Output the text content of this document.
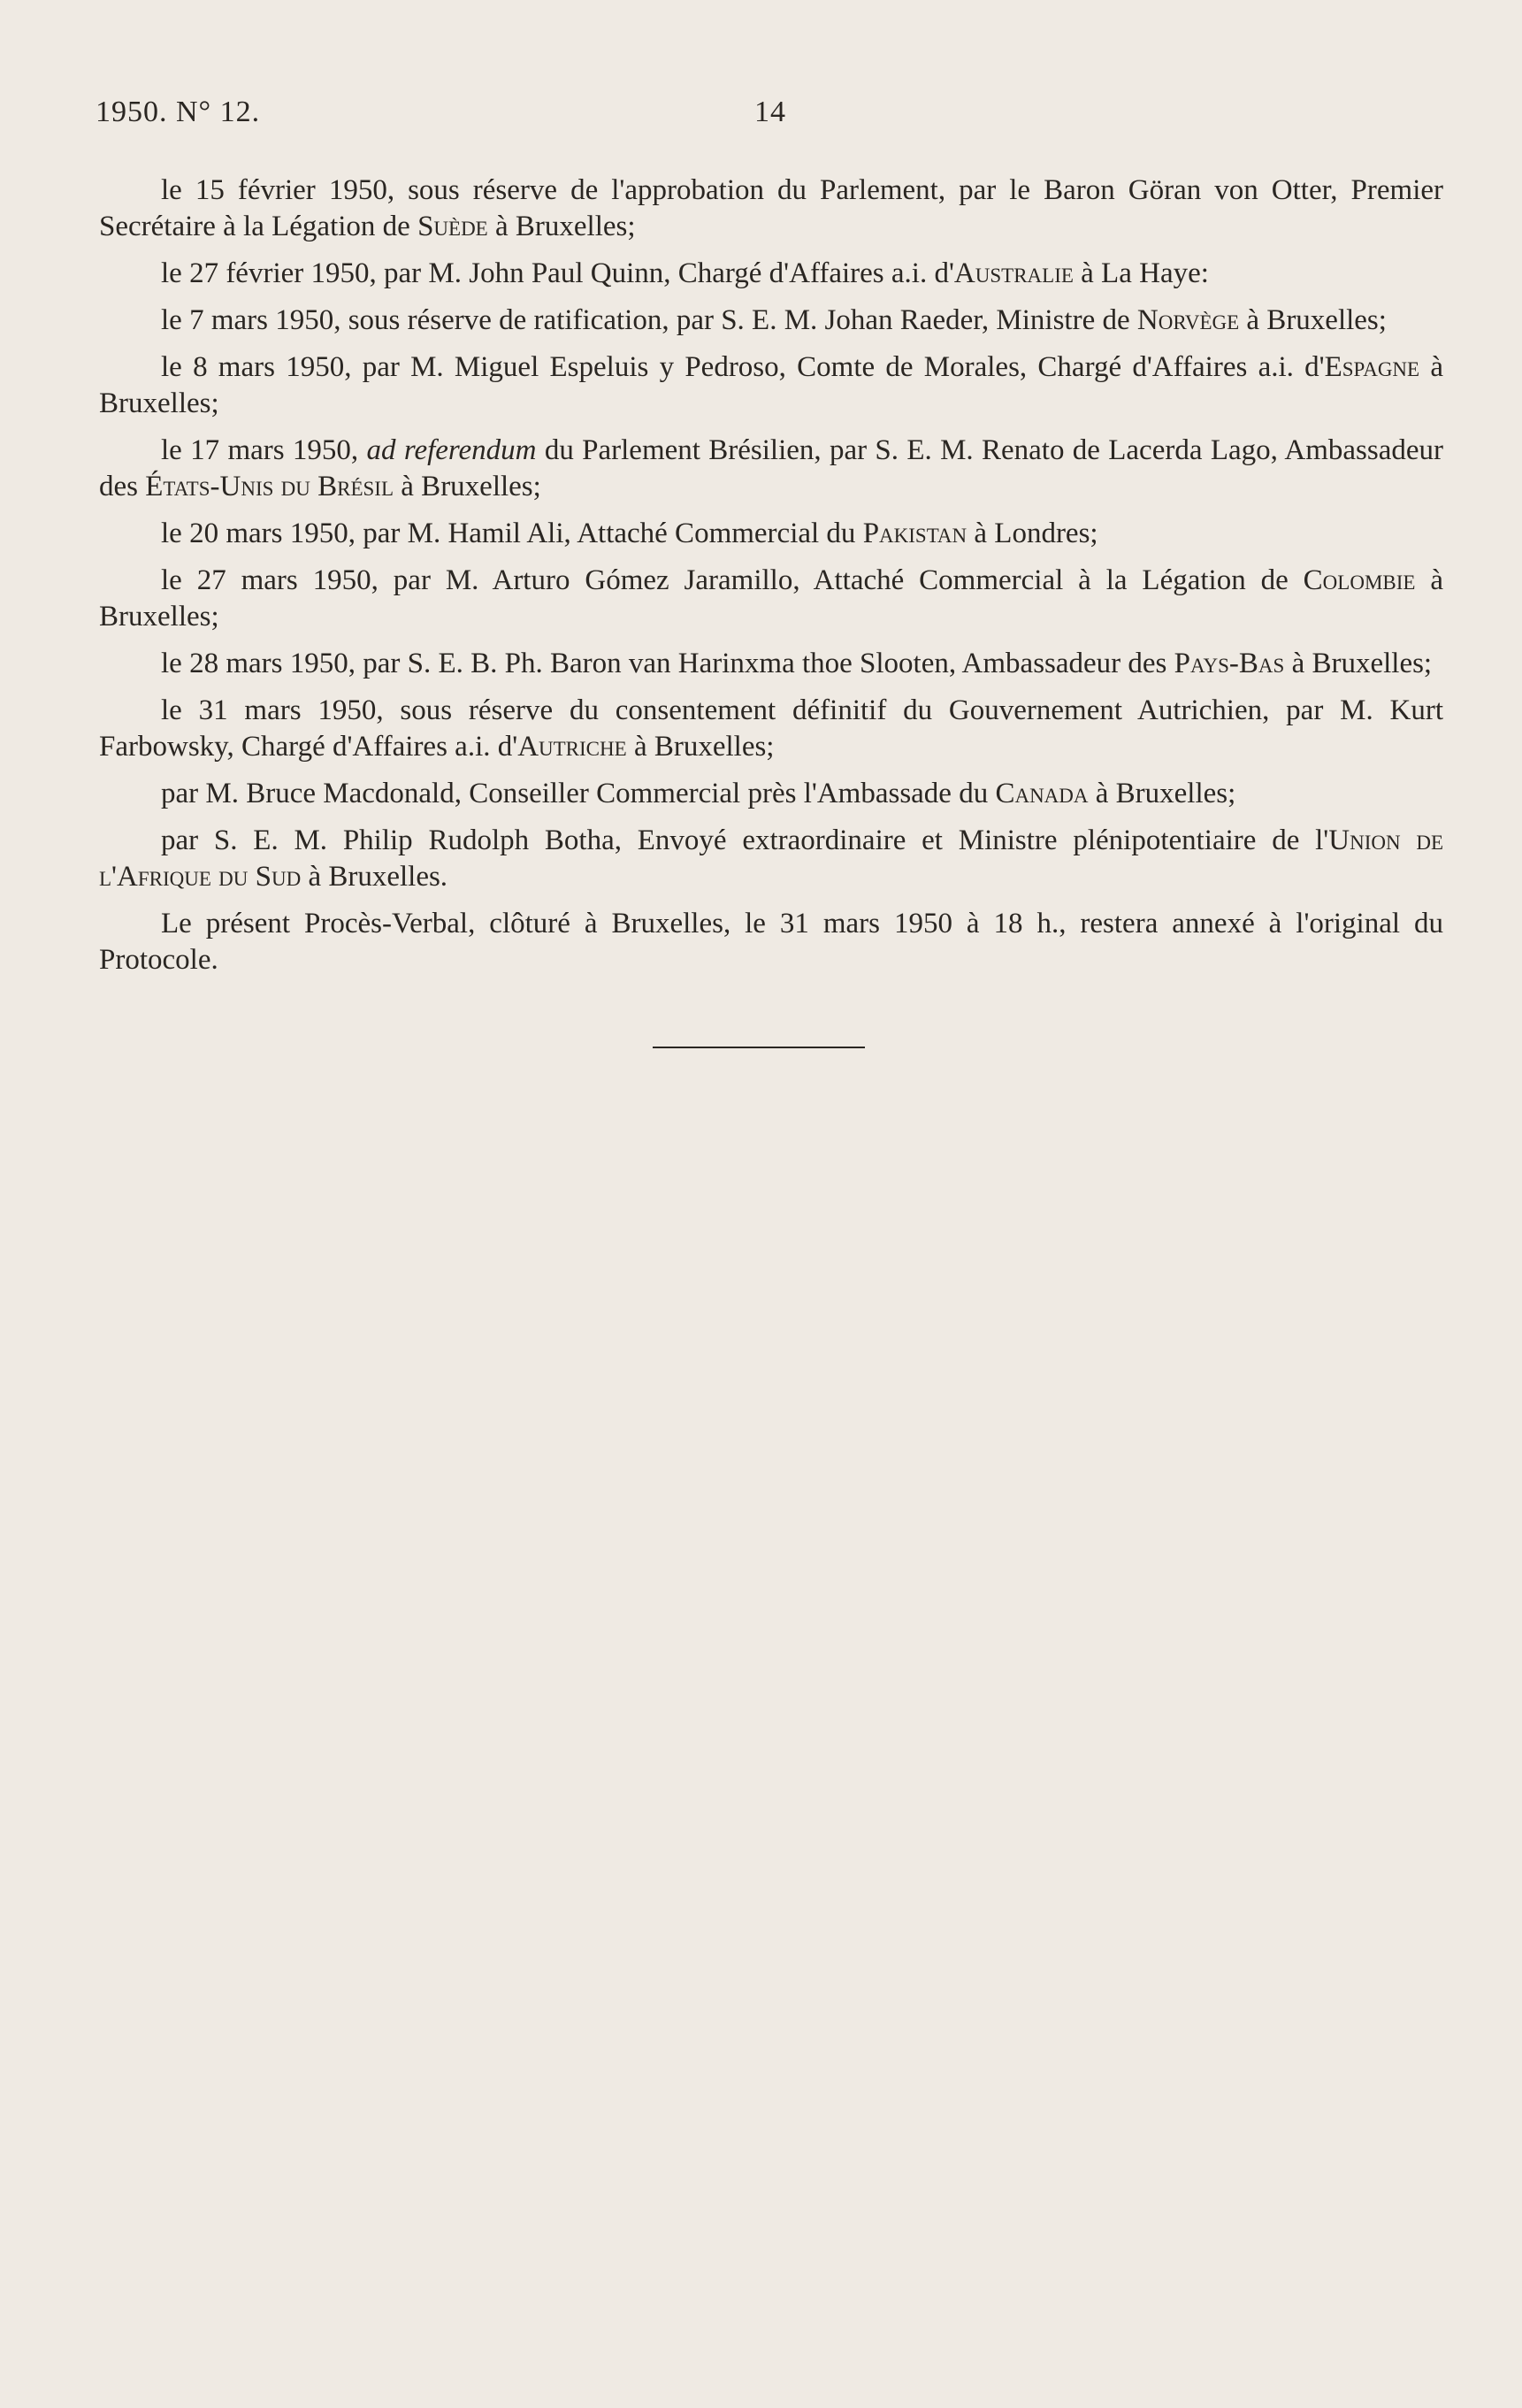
1950. N° 12.	14

le 15 février 1950, sous réserve de l'approbation du Parlement, par le Baron Göran von Otter, Premier Secrétaire à la Légation de Suède à Bruxelles;

le 27 février 1950, par M. John Paul Quinn, Chargé d'Affaires a.i. d'Australie à La Haye:

le 7 mars 1950, sous réserve de ratification, par S. E. M. Johan Raeder, Ministre de Norvège à Bruxelles;

le 8 mars 1950, par M. Miguel Espeluis y Pedroso, Comte de Morales, Chargé d'Affaires a.i. d'Espagne à Bruxelles;

le 17 mars 1950, ad referendum du Parlement Brésilien, par S. E. M. Renato de Lacerda Lago, Ambassadeur des États-Unis du Brésil à Bruxelles;

le 20 mars 1950, par M. Hamil Ali, Attaché Commercial du Pakistan à Londres;

le 27 mars 1950, par M. Arturo Gómez Jaramillo, Attaché Commercial à la Légation de Colombie à Bruxelles;

le 28 mars 1950, par S. E. B. Ph. Baron van Harinxma thoe Slooten, Ambassadeur des Pays-Bas à Bruxelles;

le 31 mars 1950, sous réserve du consentement définitif du Gouvernement Autrichien, par M. Kurt Farbowsky, Chargé d'Affaires a.i. d'Autriche à Bruxelles;

par M. Bruce Macdonald, Conseiller Commercial près l'Ambassade du Canada à Bruxelles;

par S. E. M. Philip Rudolph Botha, Envoyé extraordinaire et Ministre plénipotentiaire de l'Union de l'Afrique du Sud à Bruxelles.

Le présent Procès-Verbal, clôturé à Bruxelles, le 31 mars 1950 à 18 h., restera annexé à l'original du Protocole.
